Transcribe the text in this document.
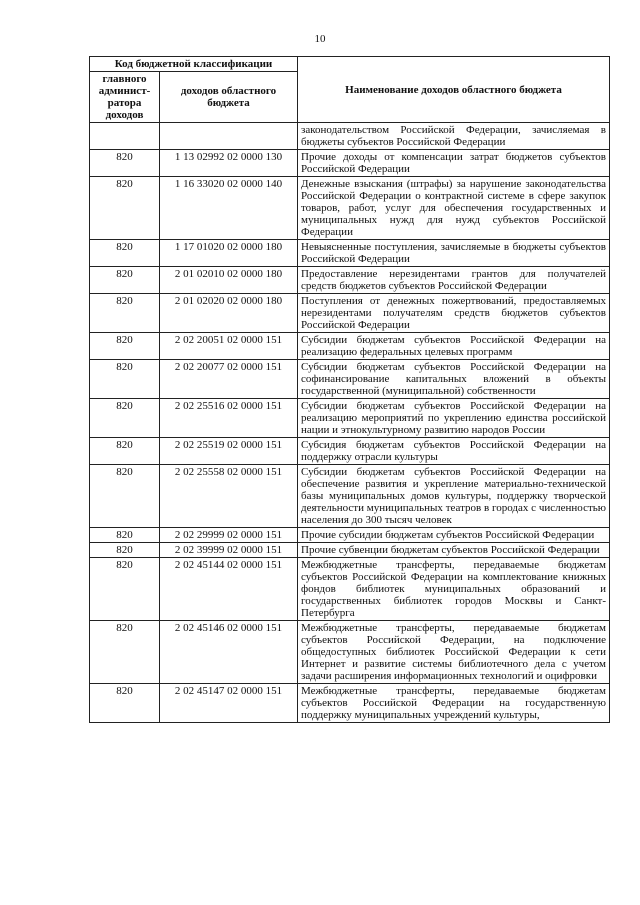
10
Код бюджетной классификации		Наименование доходов областного бюджета
главного админист-ратора доходов	доходов областного бюджета	
		законодательством Российской Федерации, зачисляемая в бюджеты субъектов Российской Федерации
820	1 13 02992 02 0000 130	Прочие доходы от компенсации затрат бюджетов субъектов Российской Федерации
820	1 16 33020 02 0000 140	Денежные взыскания (штрафы) за нарушение законодательства Российской Федерации о контрактной системе в сфере закупок товаров, работ, услуг для обеспечения государственных и муниципальных нужд для нужд субъектов Российской Федерации
820	1 17 01020 02 0000 180	Невыясненные поступления, зачисляемые в бюджеты субъектов Российской Федерации
820	2 01 02010 02 0000 180	Предоставление нерезидентами грантов для получателей средств бюджетов субъектов Российской Федерации
820	2 01 02020 02 0000 180	Поступления от денежных пожертвований, предоставляемых нерезидентами получателям средств бюджетов субъектов Российской Федерации
820	2 02 20051 02 0000 151	Субсидии бюджетам субъектов Российской Федерации на реализацию федеральных целевых программ
820	2 02 20077 02 0000 151	Субсидии бюджетам субъектов Российской Федерации на софинансирование капитальных вложений в объекты государственной (муниципальной) собственности
820	2 02 25516 02 0000 151	Субсидии бюджетам субъектов Российской Федерации на реализацию мероприятий по укреплению единства российской нации и этнокультурному развитию народов России
820	2 02 25519 02 0000 151	Субсидия бюджетам субъектов Российской Федерации на поддержку отрасли культуры
820	2 02 25558 02 0000 151	Субсидии бюджетам субъектов Российской Федерации на обеспечение развития и укрепление материально-технической базы муниципальных домов культуры, поддержку творческой деятельности муниципальных театров в городах с численностью населения до 300 тысяч человек
820	2 02 29999 02 0000 151	Прочие субсидии бюджетам субъектов Российской Федерации
820	2 02 39999 02 0000 151	Прочие субвенции бюджетам субъектов Российской Федерации
820	2 02 45144 02 0000 151	Межбюджетные трансферты, передаваемые бюджетам субъектов Российской Федерации на комплектование книжных фондов библиотек муниципальных образований и государственных библиотек городов Москвы и Санкт-Петербурга
820	2 02 45146 02 0000 151	Межбюджетные трансферты, передаваемые бюджетам субъектов Российской Федерации, на подключение общедоступных библиотек Российской Федерации к сети Интернет и развитие системы библиотечного дела с учетом задачи расширения информационных технологий и оцифровки
820	2 02 45147 02 0000 151	Межбюджетные трансферты, передаваемые бюджетам субъектов Российской Федерации на государственную поддержку муниципальных учреждений культуры,
